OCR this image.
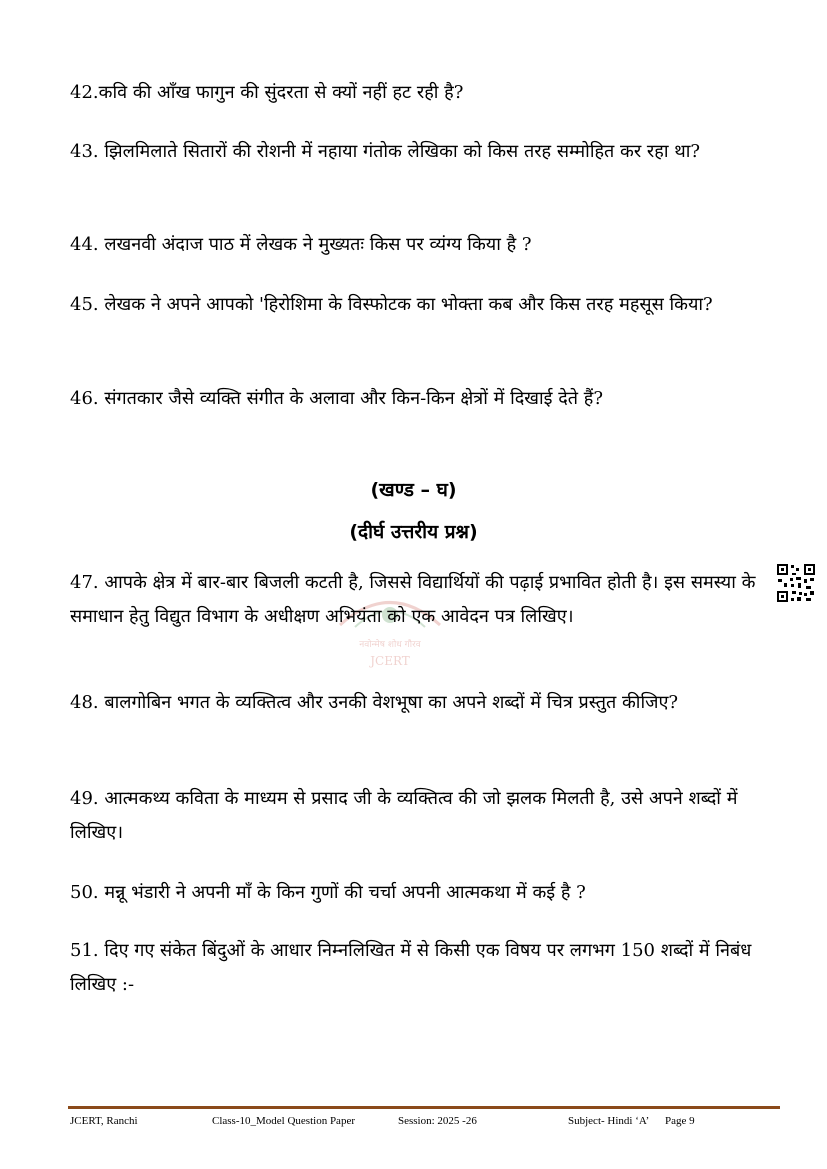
42.कवि की आँख फागुन की सुंदरता से क्यों नहीं हट रही है?

43. झिलमिलाते सितारों की रोशनी में नहाया गंतोक लेखिका को किस तरह सम्मोहित कर रहा था?

44. लखनवी अंदाज पाठ में लेखक ने मुख्यतः किस पर व्यंग्य किया है ?

45. लेखक ने अपने आपको 'हिरोशिमा के विस्फोटक का भोक्ता कब और किस तरह महसूस किया?

46. संगतकार जैसे व्यक्ति संगीत के अलावा और किन-किन क्षेत्रों में दिखाई देते हैं?

(खण्ड – घ)

(दीर्घ उत्तरीय प्रश्न)

नवोन्मेष शोध गौरव
JCERT

47. आपके क्षेत्र में बार-बार बिजली कटती है, जिससे विद्यार्थियों की पढ़ाई प्रभावित होती है। इस समस्या के समाधान हेतु विद्युत विभाग के अधीक्षण अभियंता को एक आवेदन पत्र लिखिए।

48. बालगोबिन भगत के व्यक्तित्व और उनकी वेशभूषा का अपने शब्दों में चित्र प्रस्तुत कीजिए?

49. आत्मकथ्य कविता के माध्यम से प्रसाद जी के व्यक्तित्व की जो झलक मिलती है, उसे अपने शब्दों में लिखिए।

50. मन्नू भंडारी ने अपनी माँ के किन गुणों की चर्चा अपनी आत्मकथा में कई है ?

51. दिए गए संकेत बिंदुओं के आधार निम्नलिखित में से किसी एक विषय पर लगभग 150 शब्दों में निबंध लिखिए :-

JCERT, Ranchi	Class-10_Model Question Paper	Session: 2025 -26	Subject- Hindi ‘A’ Page 9
